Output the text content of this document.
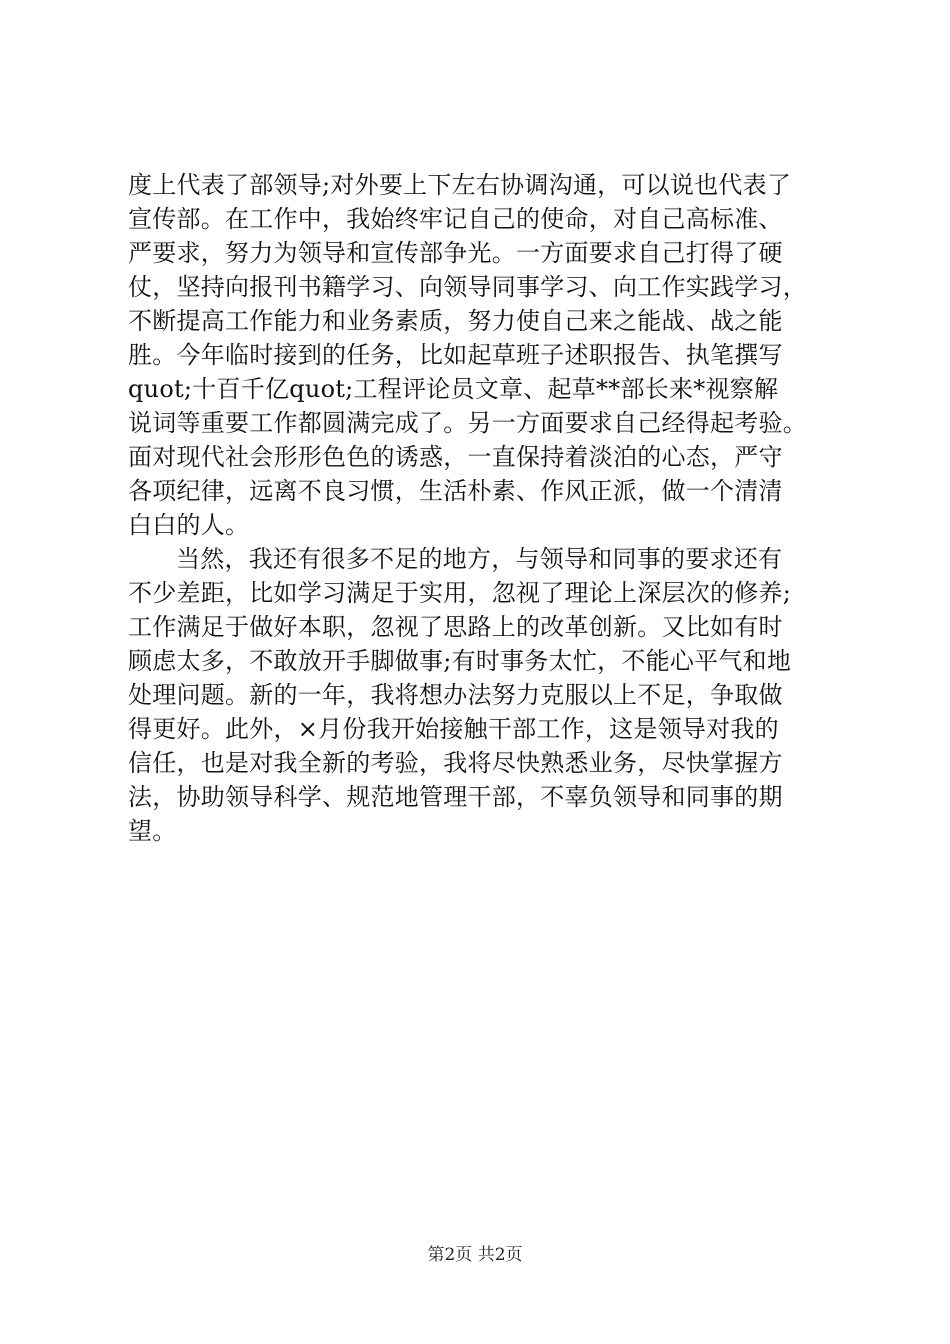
度上代表了部领导;对外要上下左右协调沟通，可以说也代表了
宣传部。在工作中，我始终牢记自己的使命，对自己高标准、
严要求，努力为领导和宣传部争光。一方面要求自己打得了硬
仗，坚持向报刊书籍学习、向领导同事学习、向工作实践学习，
不断提高工作能力和业务素质，努力使自己来之能战、战之能
胜。今年临时接到的任务，比如起草班子述职报告、执笔撰写
quot;十百千亿quot;工程评论员文章、起草**部长来*视察解
说词等重要工作都圆满完成了。另一方面要求自己经得起考验。
面对现代社会形形色色的诱惑，一直保持着淡泊的心态，严守
各项纪律，远离不良习惯，生活朴素、作风正派，做一个清清
白白的人。
当然，我还有很多不足的地方，与领导和同事的要求还有
不少差距，比如学习满足于实用，忽视了理论上深层次的修养;
工作满足于做好本职，忽视了思路上的改革创新。又比如有时
顾虑太多，不敢放开手脚做事;有时事务太忙，不能心平气和地
处理问题。新的一年，我将想办法努力克服以上不足，争取做
得更好。此外，×月份我开始接触干部工作，这是领导对我的
信任，也是对我全新的考验，我将尽快熟悉业务，尽快掌握方
法，协助领导科学、规范地管理干部，不辜负领导和同事的期
望。
第2页 共2页
